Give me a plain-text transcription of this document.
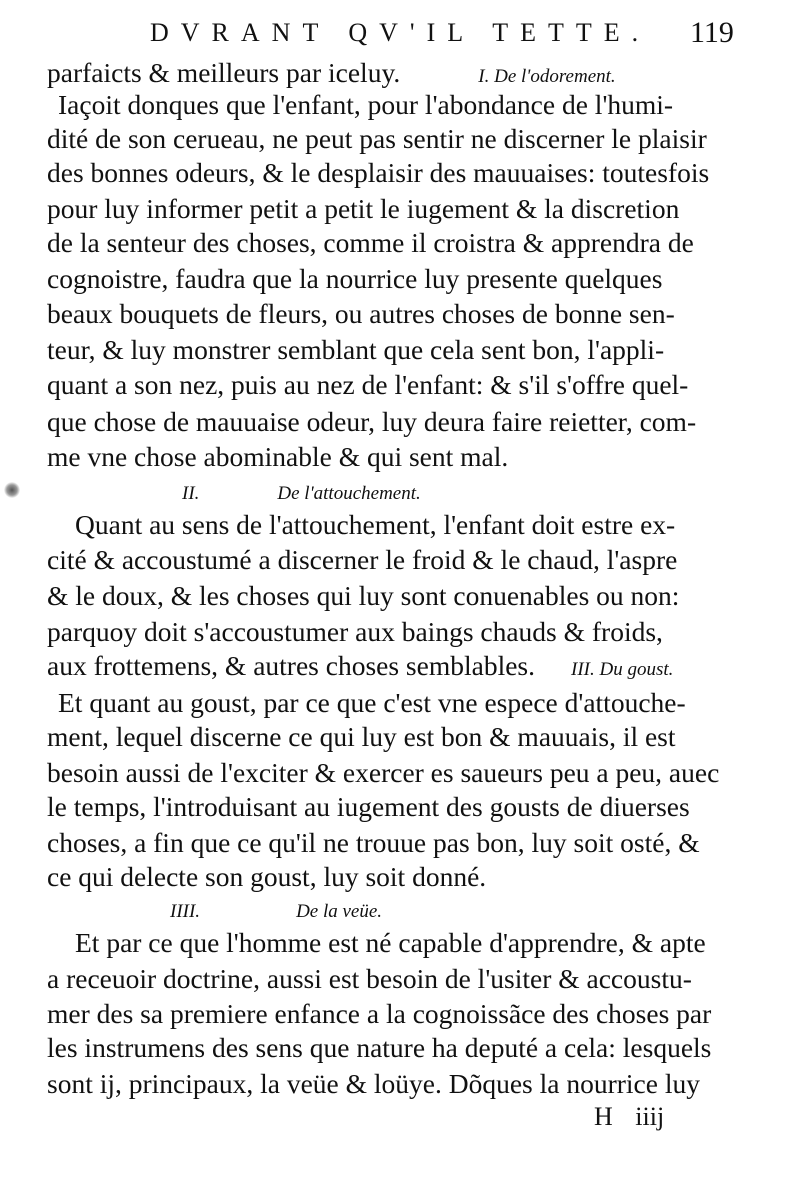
DVRANT QV'IL TETTE. 119
parfaicts & meilleurs par iceluy.	I. De l'odorement.
Iaçoit donques que l'enfant, pour l'abondance de l'humi-
dité de son cerueau, ne peut pas sentir ne discerner le plaisir
des bonnes odeurs, & le desplaisir des mauuaises: toutesfois
pour luy informer petit a petit le iugement & la discretion
de la senteur des choses, comme il croistra & apprendra de
cognoistre, faudra que la nourrice luy presente quelques
beaux bouquets de fleurs, ou autres choses de bonne sen-
teur, & luy monstrer semblant que cela sent bon, l'appli-
quant a son nez, puis au nez de l'enfant: & s'il s'offre quel-
que chose de mauuaise odeur, luy deura faire reietter, com-
me vne chose abominable & qui sent mal.
II.	De l'attouchement.
Quant au sens de l'attouchement, l'enfant doit estre ex-
cité & accoustumé a discerner le froid & le chaud, l'aspre
& le doux, & les choses qui luy sont conuenables ou non:
parquoy doit s'accoustumer aux baings chauds & froids,
aux frottemens, & autres choses semblables. III. Du goust.
Et quant au goust, par ce que c'est vne espece d'attouche-
ment, lequel discerne ce qui luy est bon & mauuais, il est
besoin aussi de l'exciter & exercer es saueurs peu a peu, auec
le temps, l'introduisant au iugement des gousts de diuerses
choses, a fin que ce qu'il ne trouue pas bon, luy soit osté, &
ce qui delecte son goust, luy soit donné.
IIII.	De la veüe.
Et par ce que l'homme est né capable d'apprendre, & apte
a receuoir doctrine, aussi est besoin de l'usiter & accoustu-
mer des sa premiere enfance a la cognoissãce des choses par
les instrumens des sens que nature ha deputé a cela: lesquels
sont ij, principaux, la veüe & loüye. Dõques la nourrice luy
H iiij
